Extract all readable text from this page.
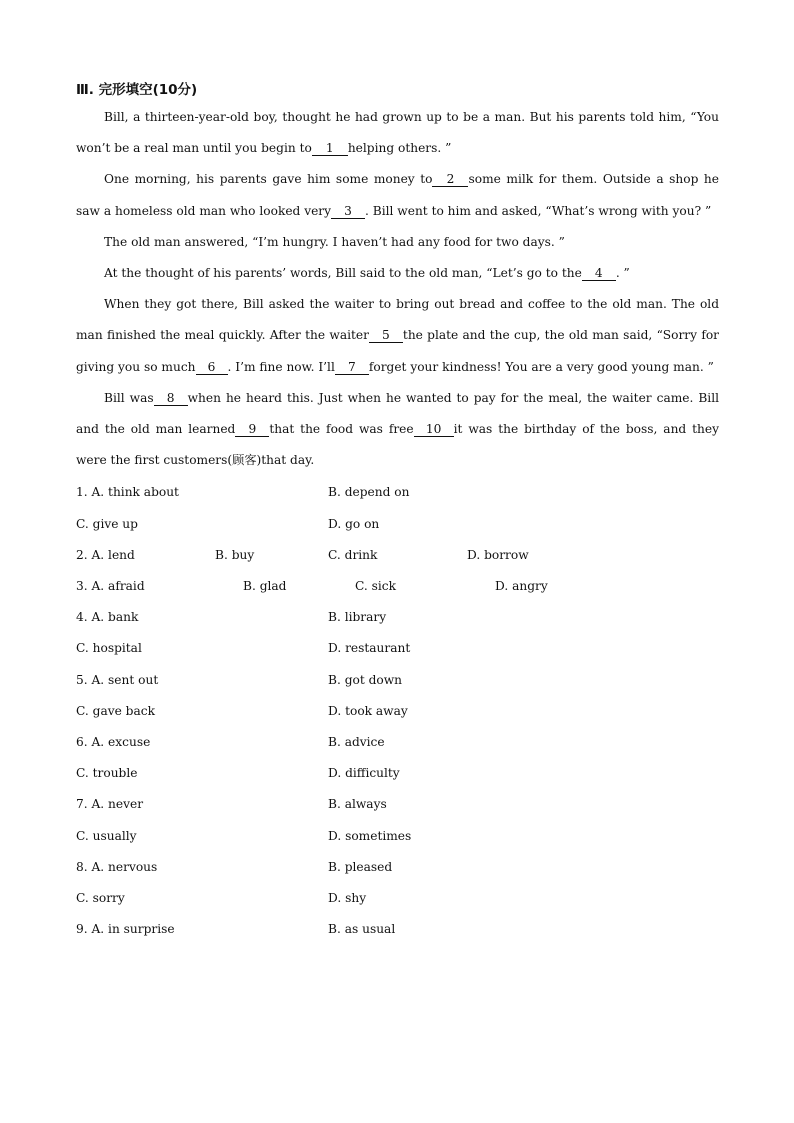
Ⅲ. 完形填空(10分)

Bill, a thirteen-year-old boy, thought he had grown up to be a man. But his parents told him, “You won’t be a real man until you begin to 1 helping others. ”

One morning, his parents gave him some money to 2 some milk for them. Outside a shop he saw a homeless old man who looked very 3 . Bill went to him and asked, “What’s wrong with you? ”

The old man answered, “I’m hungry. I haven’t had any food for two days. ”

At the thought of his parents’ words, Bill said to the old man, “Let’s go to the 4 . ”

When they got there, Bill asked the waiter to bring out bread and coffee to the old man. The old man finished the meal quickly. After the waiter 5 the plate and the cup, the old man said, “Sorry for giving you so much 6 . I’m fine now. I’ll 7 forget your kindness! You are a very good young man. ”

Bill was 8 when he heard this. Just when he wanted to pay for the meal, the waiter came. Bill and the old man learned 9 that the food was free 10 it was the birthday of the boss, and they were the first customers(顾客)that day.

1. A. think about	B. depend on
C. give up	D. go on
2. A. lend	B. buy	C. drink	D. borrow
3. A. afraid	B. glad	C. sick	D. angry
4. A. bank	B. library
C. hospital	D. restaurant
5. A. sent out	B. got down
C. gave back	D. took away
6. A. excuse	B. advice
C. trouble	D. difficulty
7. A. never	B. always
C. usually	D. sometimes
8. A. nervous	B. pleased
C. sorry	D. shy
9. A. in surprise	B. as usual
